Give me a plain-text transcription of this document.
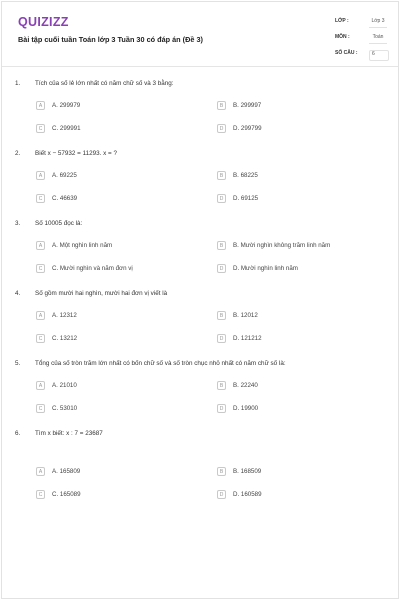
QUIZIZZ
Bài tập cuối tuần Toán lớp 3 Tuần 30 có đáp án (Đề 3)
LỚP :	Lớp 3
MÔN :	Toán
SỐ CÂU :	6
1. Tích của số lẻ lớn nhất có năm chữ số và 3 bằng:
A	A. 299979	B	B. 299997
C	C. 299991	D	D. 299799
2. Biết x − 57932 = 11293. x = ?
A	A. 69225	B	B. 68225
C	C. 46639	D	D. 69125
3. Số 10005 đọc là:
A	A. Một nghìn linh năm	B	B. Mười nghìn không trăm linh năm
C	C. Mười nghìn và năm đơn vị	D	D. Mười nghìn linh năm
4. Số gồm mười hai nghìn, mười hai đơn vị viết là
A	A. 12312	B	B. 12012
C	C. 13212	D	D. 121212
5. Tổng của số tròn trăm lớn nhất có bốn chữ số và số tròn chục nhỏ nhất có năm chữ số là:
A	A. 21010	B	B. 22240
C	C. 53010	D	D. 19900
6. Tìm x biết: x : 7 = 23687
A	A. 165809	B	B. 168509
C	C. 165089	D	D. 160589
